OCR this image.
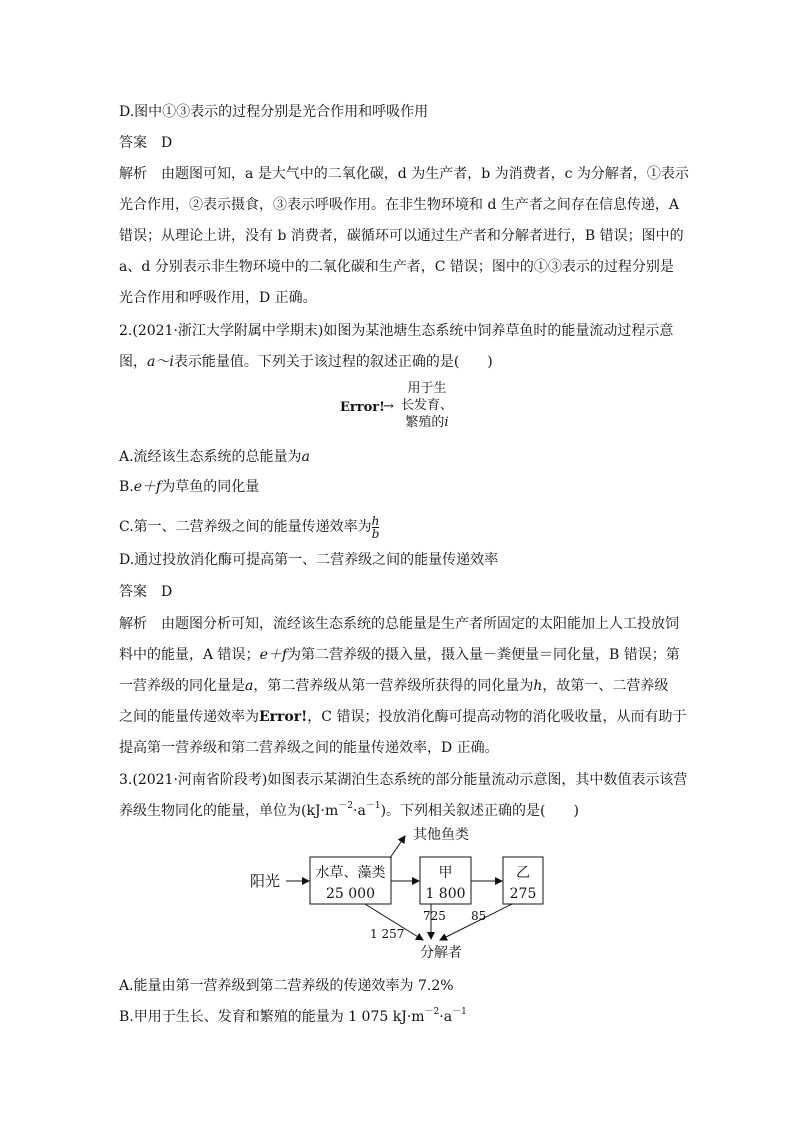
D.图中①③表示的过程分别是光合作用和呼吸作用
答案　 D
解析　 由题图可知，a 是大气中的二氧化碳，d 为生产者，b 为消费者，c 为分解者，①表示
光合作用，②表示摄食，③表示呼吸作用。在非生物环境和 d 生产者之间存在信息传递，A
错误；从理论上讲，没有 b 消费者，碳循环可以通过生产者和分解者进行，B 错误；图中的
a、d 分别表示非生物环境中的二氧化碳和生产者，C 错误；图中的①③表示的过程分别是
光合作用和呼吸作用，D 正确。
2.(2021·浙江大学附属中学期末)如图为某池塘生态系统中饲养草鱼时的能量流动过程示意
图，a～i表示能量值。下列关于该过程的叙述正确的是(　　)
Error!
→
用于生
长发育、
繁殖的i
A.流经该生态系统的总能量为a
B.e＋f为草鱼的同化量
C.第一、二营养级之间的能量传递效率为 $\frac{h}{b}$
D.通过投放消化酶可提高第一、二营养级之间的能量传递效率
答案　 D
解析　 由题图分析可知，流经该生态系统的总能量是生产者所固定的太阳能加上人工投放饲
料中的能量，A 错误；e＋f为第二营养级的摄入量，摄入量－粪便量＝同化量，B 错误；第
一营养级的同化量是a，第二营养级从第一营养级所获得的同化量为h，故第一、二营养级
之间的能量传递效率为Error!，C 错误；投放消化酶可提高动物的消化吸收量，从而有助于
提高第一营养级和第二营养级之间的能量传递效率，D 正确。
3.(2021·河南省阶段考)如图表示某湖泊生态系统的部分能量流动示意图，其中数值表示该营
养级生物同化的能量，单位为$(kJ\cdot m^{-2}\cdot a^{-1})$。下列相关叙述正确的是(　　)
阳光	水草、藻类
25 000
其他鱼类
甲
1 800
乙
275
1 257
725 85
分解者
A.能量由第一营养级到第二营养级的传递效率为 7.2%
B.甲用于生长、发育和繁殖的能量为 1 075 $kJ\cdot m^{-2}\cdot a^{-1}$
